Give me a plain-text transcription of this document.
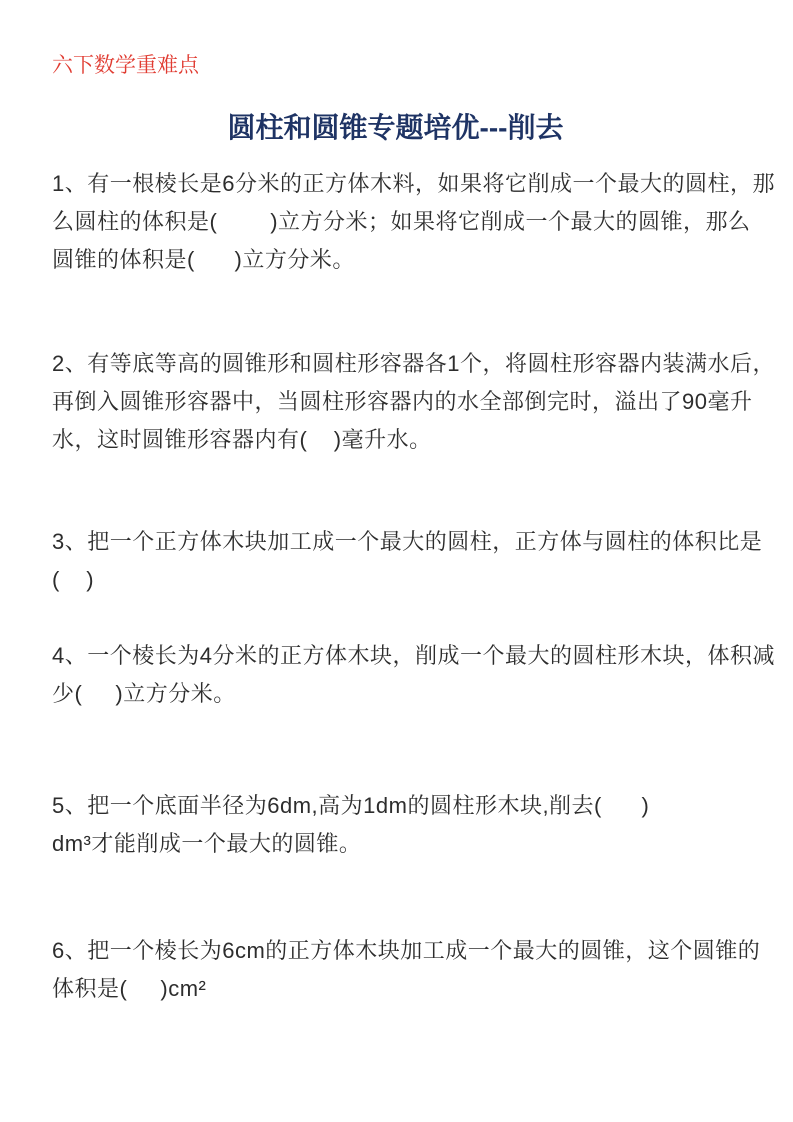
六下数学重难点
圆柱和圆锥专题培优---削去

1、有一根棱长是6分米的正方体木料，如果将它削成一个最大的圆柱，那

么圆柱的体积是(        )立方分米；如果将它削成一个最大的圆锥，那么

圆锥的体积是(      )立方分米。

2、有等底等高的圆锥形和圆柱形容器各1个，将圆柱形容器内装满水后，

再倒入圆锥形容器中，当圆柱形容器内的水全部倒完时，溢出了90毫升

水，这时圆锥形容器内有(    )毫升水。

3、把一个正方体木块加工成一个最大的圆柱，正方体与圆柱的体积比是

(    )

4、一个棱长为4分米的正方体木块，削成一个最大的圆柱形木块，体积减

少(     )立方分米。

5、把一个底面半径为6dm,高为1dm的圆柱形木块,削去(      )

dm³才能削成一个最大的圆锥。

6、把一个棱长为6cm的正方体木块加工成一个最大的圆锥，这个圆锥的

体积是(     )cm²
